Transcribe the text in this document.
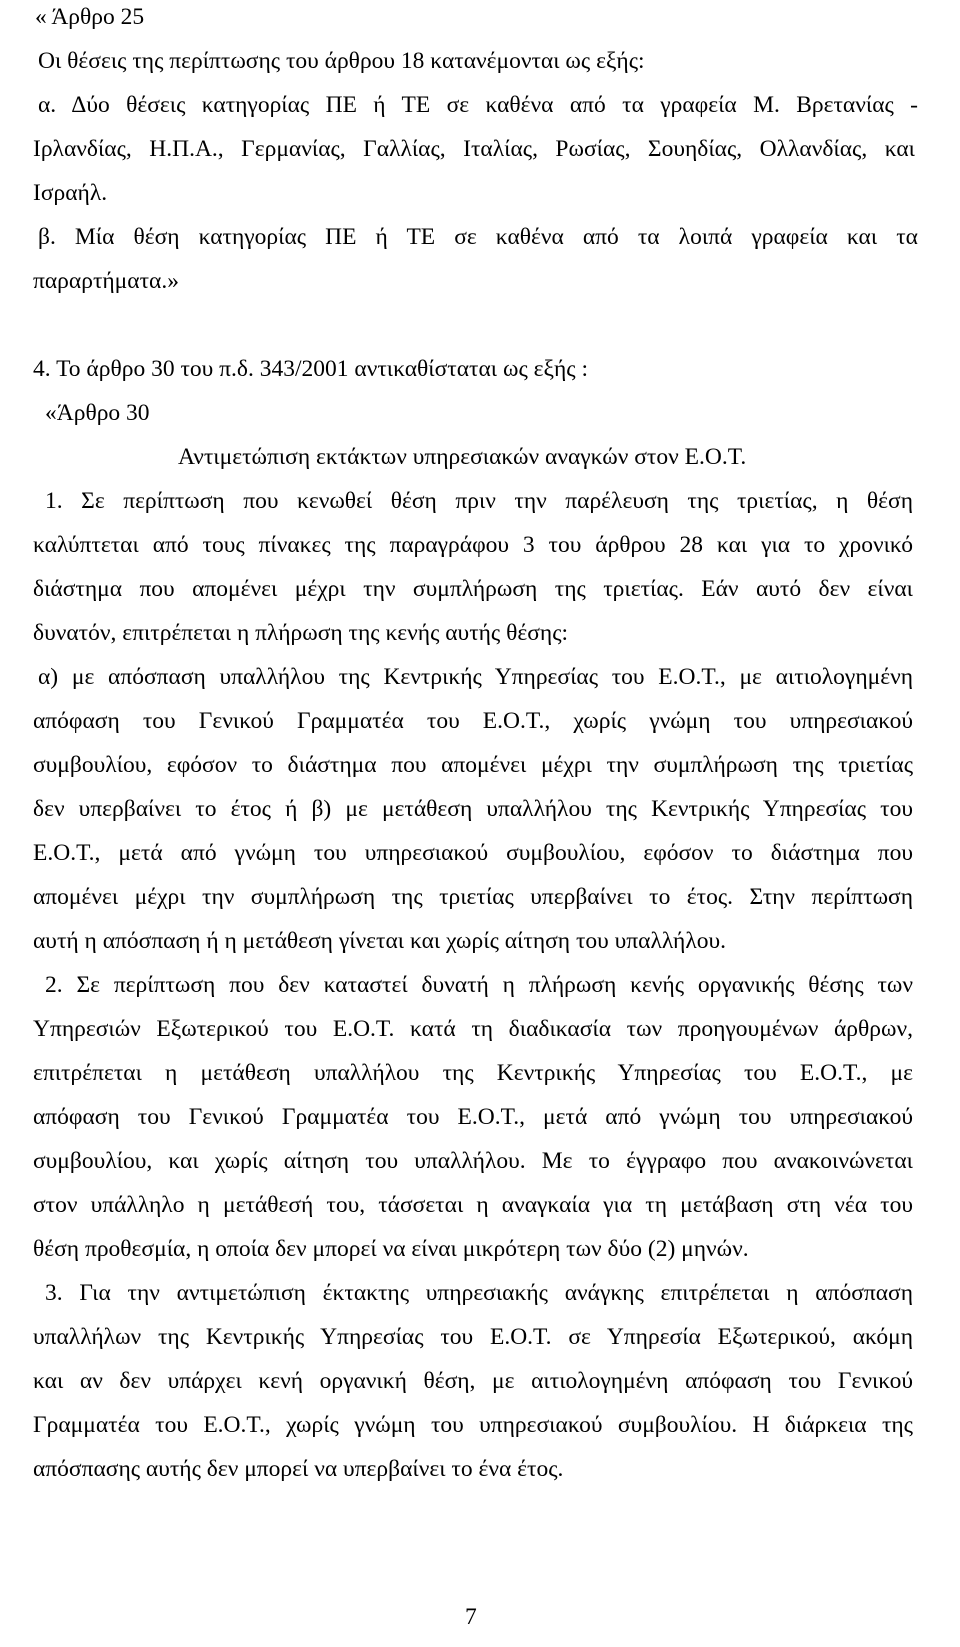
« Άρθρο 25
Οι θέσεις της περίπτωσης του άρθρου 18 κατανέμονται ως εξής:
α. Δύο θέσεις κατηγορίας ΠΕ ή ΤΕ σε καθένα από τα γραφεία Μ. Βρετανίας -
Ιρλανδίας, Η.Π.Α., Γερμανίας, Γαλλίας, Ιταλίας, Ρωσίας, Σουηδίας, Ολλανδίας, και
Ισραήλ.
β. Μία θέση κατηγορίας ΠΕ ή ΤΕ σε καθένα από τα λοιπά γραφεία και τα
παραρτήματα.»
4. Το άρθρο 30 του π.δ. 343/2001 αντικαθίσταται ως εξής :
«Άρθρο 30
Αντιμετώπιση εκτάκτων υπηρεσιακών αναγκών στον Ε.Ο.Τ.
1. Σε περίπτωση που κενωθεί θέση πριν την παρέλευση της τριετίας, η θέση
καλύπτεται από τους πίνακες της παραγράφου 3 του άρθρου 28 και για το χρονικό
διάστημα που απομένει μέχρι την συμπλήρωση της τριετίας. Εάν αυτό δεν είναι
δυνατόν, επιτρέπεται η πλήρωση της κενής αυτής θέσης:
α) με απόσπαση υπαλλήλου της Κεντρικής Υπηρεσίας του Ε.Ο.Τ., με αιτιολογημένη
απόφαση του Γενικού Γραμματέα του Ε.Ο.Τ., χωρίς γνώμη του υπηρεσιακού
συμβουλίου, εφόσον το διάστημα που απομένει μέχρι την συμπλήρωση της τριετίας
δεν υπερβαίνει το έτος ή β) με μετάθεση υπαλλήλου της Κεντρικής Υπηρεσίας του
Ε.Ο.Τ., μετά από γνώμη του υπηρεσιακού συμβουλίου, εφόσον το διάστημα που
απομένει μέχρι την συμπλήρωση της τριετίας υπερβαίνει το έτος. Στην περίπτωση
αυτή η απόσπαση ή η μετάθεση γίνεται και χωρίς αίτηση του υπαλλήλου.
2. Σε περίπτωση που δεν καταστεί δυνατή η πλήρωση κενής οργανικής θέσης των
Υπηρεσιών Εξωτερικού του Ε.Ο.Τ. κατά τη διαδικασία των προηγουμένων άρθρων,
επιτρέπεται η μετάθεση υπαλλήλου της Κεντρικής Υπηρεσίας του Ε.Ο.Τ., με
απόφαση του Γενικού Γραμματέα του Ε.Ο.Τ., μετά από γνώμη του υπηρεσιακού
συμβουλίου, και χωρίς αίτηση του υπαλλήλου. Με το έγγραφο που ανακοινώνεται
στον υπάλληλο η μετάθεσή του, τάσσεται η αναγκαία για τη μετάβαση στη νέα του
θέση προθεσμία, η οποία δεν μπορεί να είναι μικρότερη των δύο (2) μηνών.
3. Για την αντιμετώπιση έκτακτης υπηρεσιακής ανάγκης επιτρέπεται η απόσπαση
υπαλλήλων της Κεντρικής Υπηρεσίας του Ε.Ο.Τ. σε Υπηρεσία Εξωτερικού, ακόμη
και αν δεν υπάρχει κενή οργανική θέση, με αιτιολογημένη απόφαση του Γενικού
Γραμματέα του Ε.Ο.Τ., χωρίς γνώμη του υπηρεσιακού συμβουλίου. Η διάρκεια της
απόσπασης αυτής δεν μπορεί να υπερβαίνει το ένα έτος.
7
